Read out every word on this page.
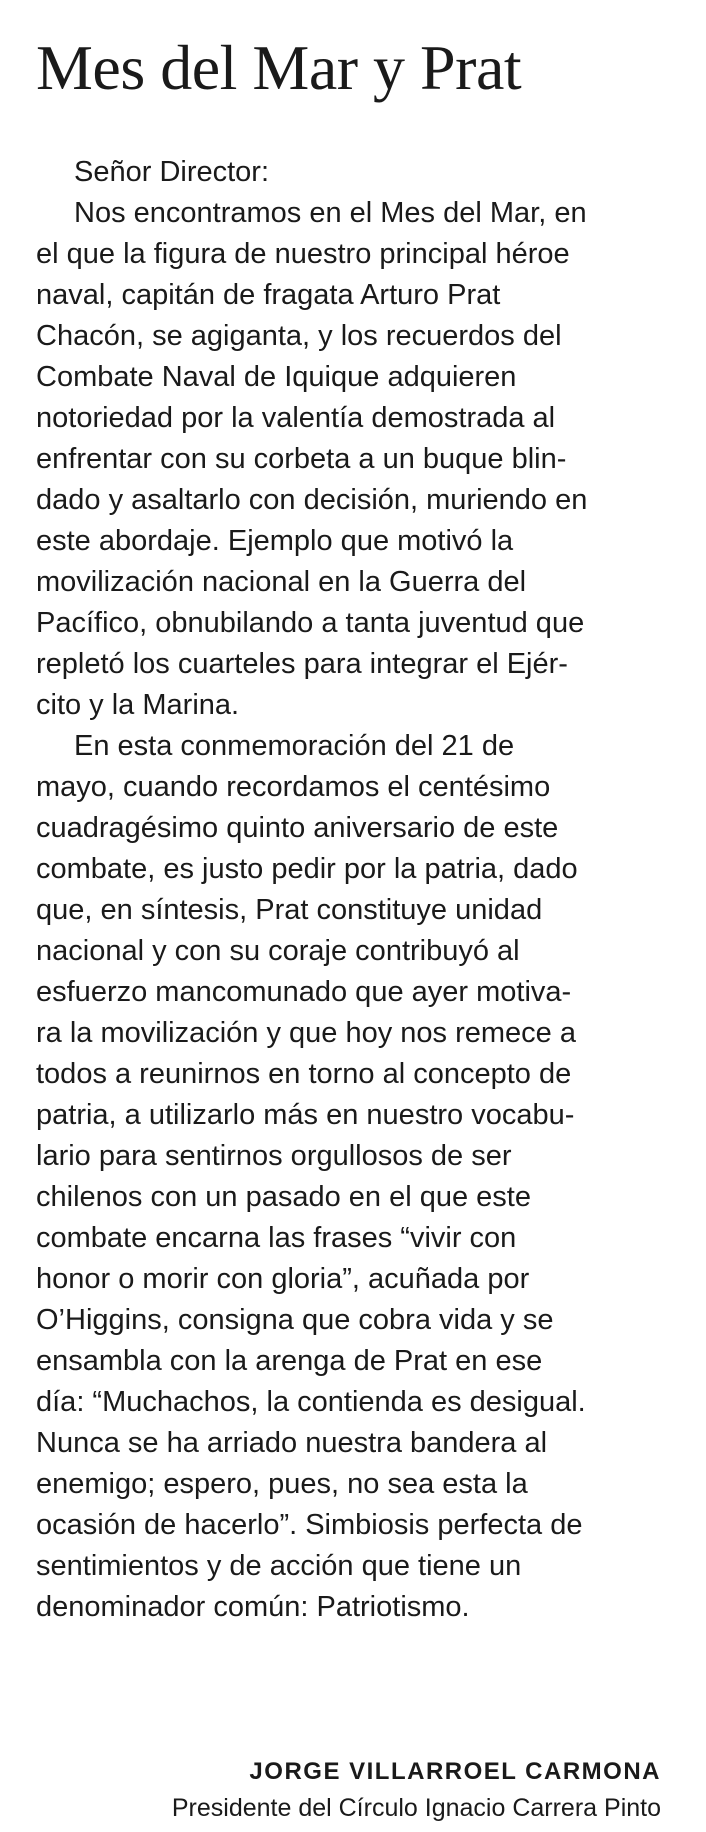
Mes del Mar y Prat
Señor Director:
Nos encontramos en el Mes del Mar, en
el que la figura de nuestro principal héroe
naval, capitán de fragata Arturo Prat
Chacón, se agiganta, y los recuerdos del
Combate Naval de Iquique adquieren
notoriedad por la valentía demostrada al
enfrentar con su corbeta a un buque blin-
dado y asaltarlo con decisión, muriendo en
este abordaje. Ejemplo que motivó la
movilización nacional en la Guerra del
Pacífico, obnubilando a tanta juventud que
repletó los cuarteles para integrar el Ejér-
cito y la Marina.
En esta conmemoración del 21 de
mayo, cuando recordamos el centésimo
cuadragésimo quinto aniversario de este
combate, es justo pedir por la patria, dado
que, en síntesis, Prat constituye unidad
nacional y con su coraje contribuyó al
esfuerzo mancomunado que ayer motiva-
ra la movilización y que hoy nos remece a
todos a reunirnos en torno al concepto de
patria, a utilizarlo más en nuestro vocabu-
lario para sentirnos orgullosos de ser
chilenos con un pasado en el que este
combate encarna las frases “vivir con
honor o morir con gloria”, acuñada por
O’Higgins, consigna que cobra vida y se
ensambla con la arenga de Prat en ese
día: “Muchachos, la contienda es desigual.
Nunca se ha arriado nuestra bandera al
enemigo; espero, pues, no sea esta la
ocasión de hacerlo”. Simbiosis perfecta de
sentimientos y de acción que tiene un
denominador común: Patriotismo.

JORGE VILLARROEL CARMONA

Presidente del Círculo Ignacio Carrera Pinto
